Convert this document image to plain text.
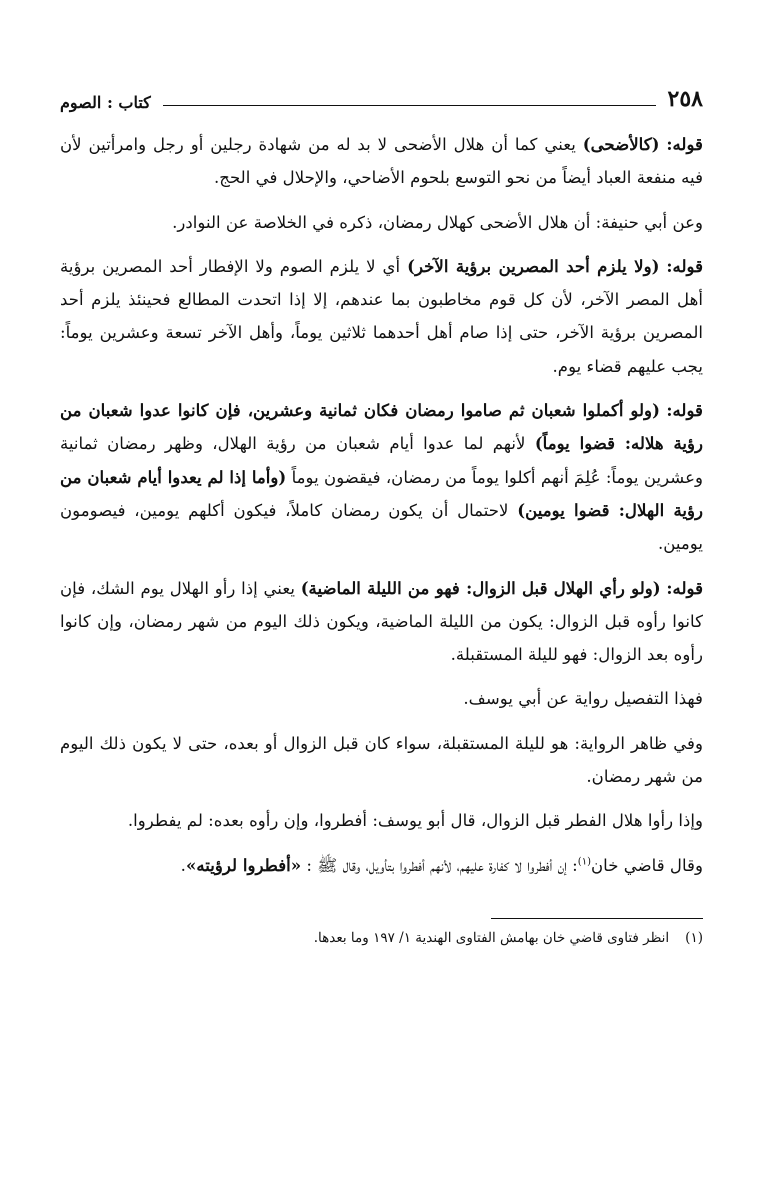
٢٥٨
كتاب : الصوم

قوله: (كالأضحى) يعني كما أن هلال الأضحى لا بد له من شهادة رجلين أو رجل وامرأتين لأن فيه منفعة العباد أيضاً من نحو التوسع بلحوم الأضاحي، والإحلال في الحج.

وعن أبي حنيفة: أن هلال الأضحى كهلال رمضان، ذكره في الخلاصة عن النوادر.

قوله: (ولا يلزم أحد المصرين برؤية الآخر) أي لا يلزم الصوم ولا الإفطار أحد المصرين برؤية أهل المصر الآخر، لأن كل قوم مخاطبون بما عندهم، إلا إذا اتحدت المطالع فحينئذ يلزم أحد المصرين برؤية الآخر، حتى إذا صام أهل أحدهما ثلاثين يوماً، وأهل الآخر تسعة وعشرين يوماً: يجب عليهم قضاء يوم.

قوله: (ولو أكملوا شعبان ثم صاموا رمضان فكان ثمانية وعشرين، فإن كانوا عدوا شعبان من رؤية هلاله: قضوا يوماً) لأنهم لما عدوا أيام شعبان من رؤية الهلال، وظهر رمضان ثمانية وعشرين يوماً: عُلِمَ أنهم أكلوا يوماً من رمضان، فيقضون يوماً (وأما إذا لم يعدوا أيام شعبان من رؤية الهلال: قضوا يومين) لاحتمال أن يكون رمضان كاملاً، فيكون أكلهم يومين، فيصومون يومين.

قوله: (ولو رأي الهلال قبل الزوال: فهو من الليلة الماضية) يعني إذا رأو الهلال يوم الشك، فإن كانوا رأوه قبل الزوال: يكون من الليلة الماضية، ويكون ذلك اليوم من شهر رمضان، وإن كانوا رأوه بعد الزوال: فهو لليلة المستقبلة.

فهذا التفصيل رواية عن أبي يوسف.

وفي ظاهر الرواية: هو لليلة المستقبلة، سواء كان قبل الزوال أو بعده، حتى لا يكون ذلك اليوم من شهر رمضان.

وإذا رأوا هلال الفطر قبل الزوال، قال أبو يوسف: أفطروا، وإن رأوه بعده: لم يفطروا.

وقال قاضي خان$^{(١)}$: إن أفطروا لا كفارة عليهم، لأنهم أفطروا بتأويل، وقال ﷺ : «أفطروا لرؤيته».

(١)انظر فتاوى قاضي خان بهامش الفتاوى الهندية ١/ ١٩٧ وما بعدها.
